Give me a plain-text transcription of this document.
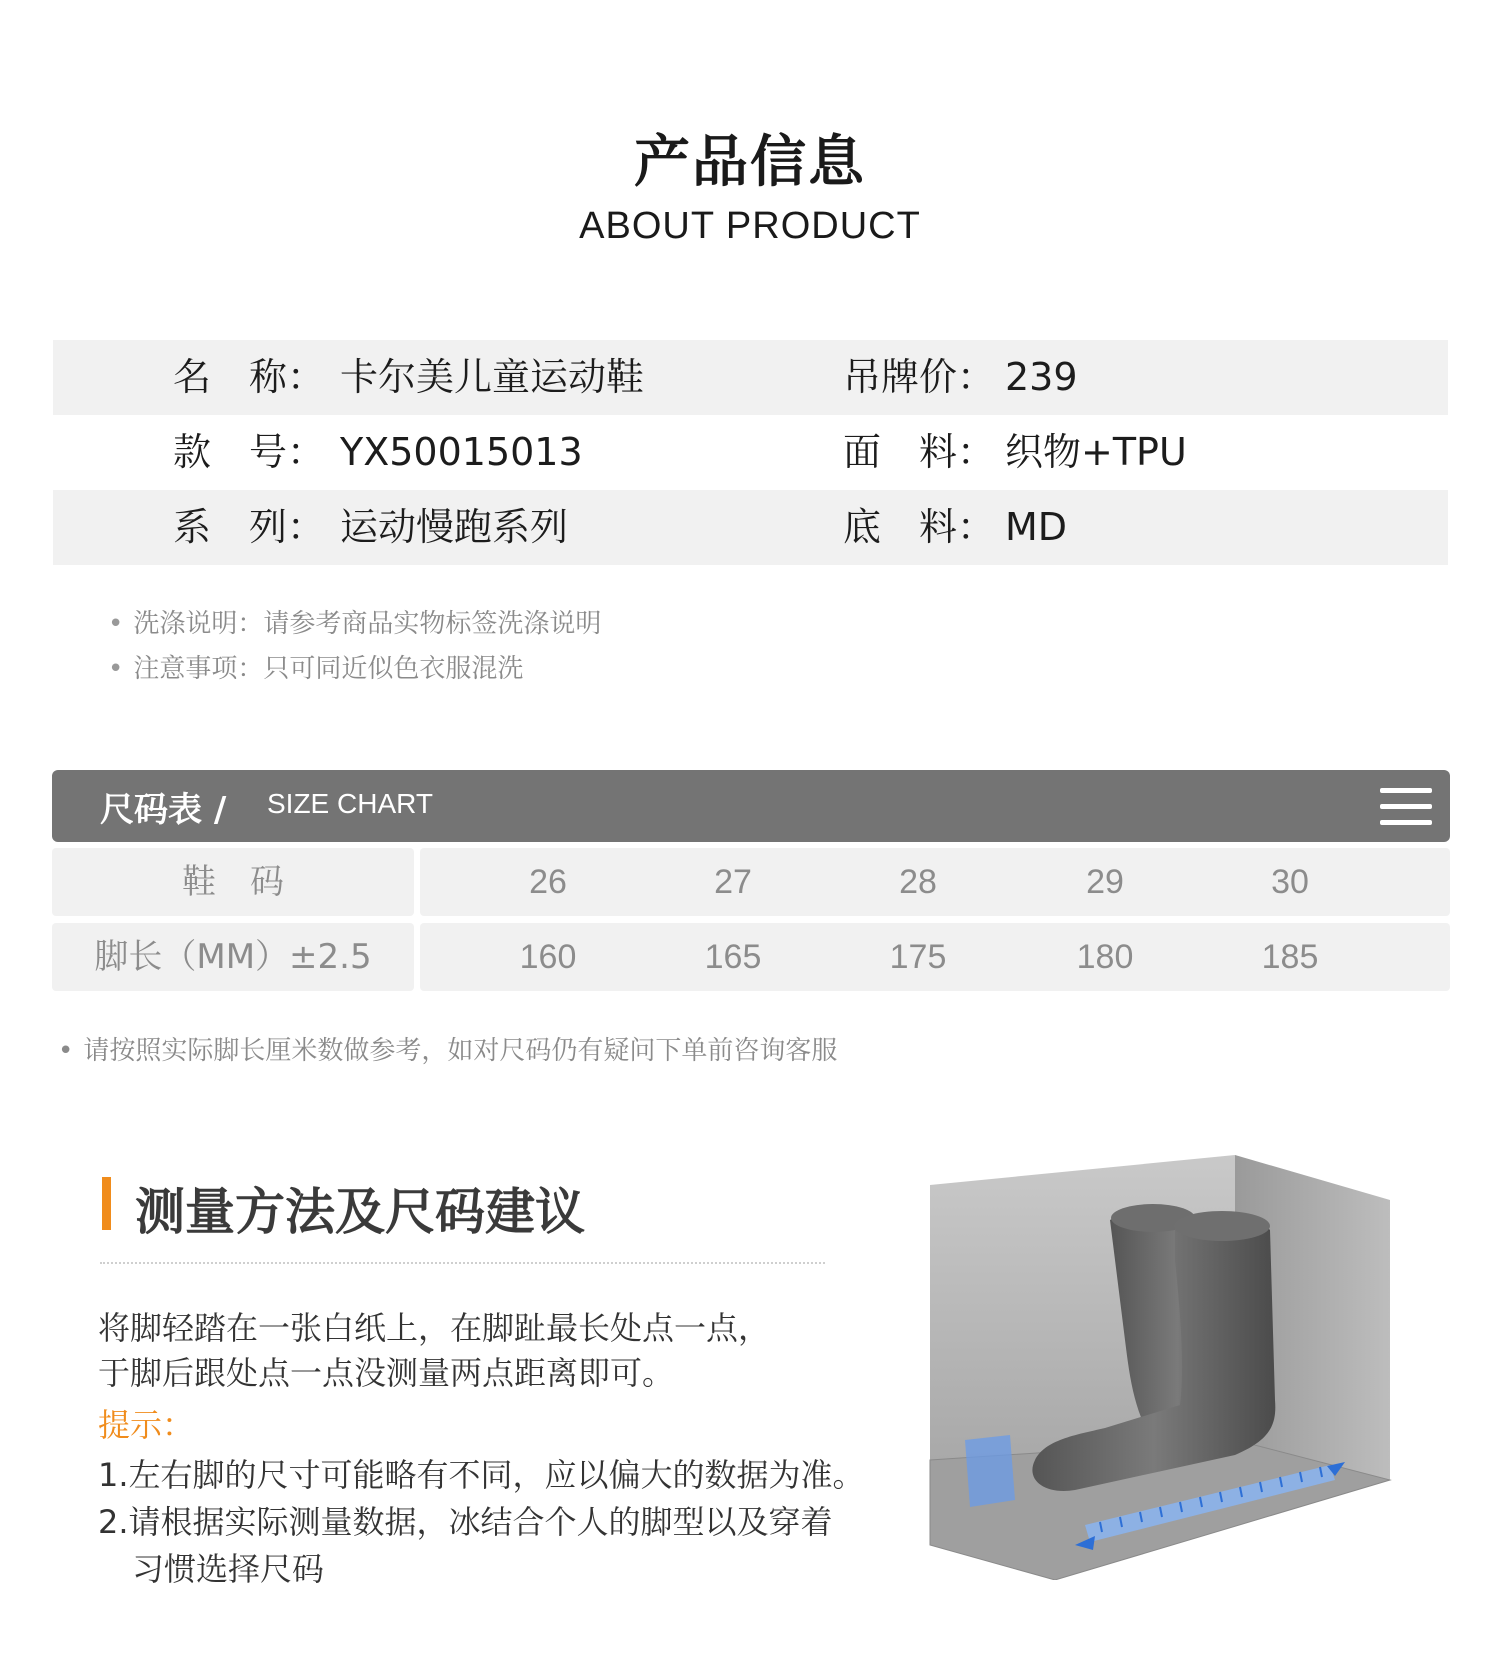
产品信息
ABOUT PRODUCT
名　称： 卡尔美儿童运动鞋	吊牌价： 239
款　号： YX50015013	面　料： 织物+TPU
系　列： 运动慢跑系列	底　料： MD
• 洗涤说明：请参考商品实物标签洗涤说明
• 注意事项：只可同近似色衣服混洗
尺码表 / SIZE CHART
鞋　码	26	27	28	29	30
脚长（MM）±2.5	160	165	175	180	185
• 请按照实际脚长厘米数做参考，如对尺码仍有疑问下单前咨询客服
测量方法及尺码建议
将脚轻踏在一张白纸上，在脚趾最长处点一点，
于脚后跟处点一点没测量两点距离即可。
提示：
1.左右脚的尺寸可能略有不同，应以偏大的数据为准。
2.请根据实际测量数据，冰结合个人的脚型以及穿着
习惯选择尺码
